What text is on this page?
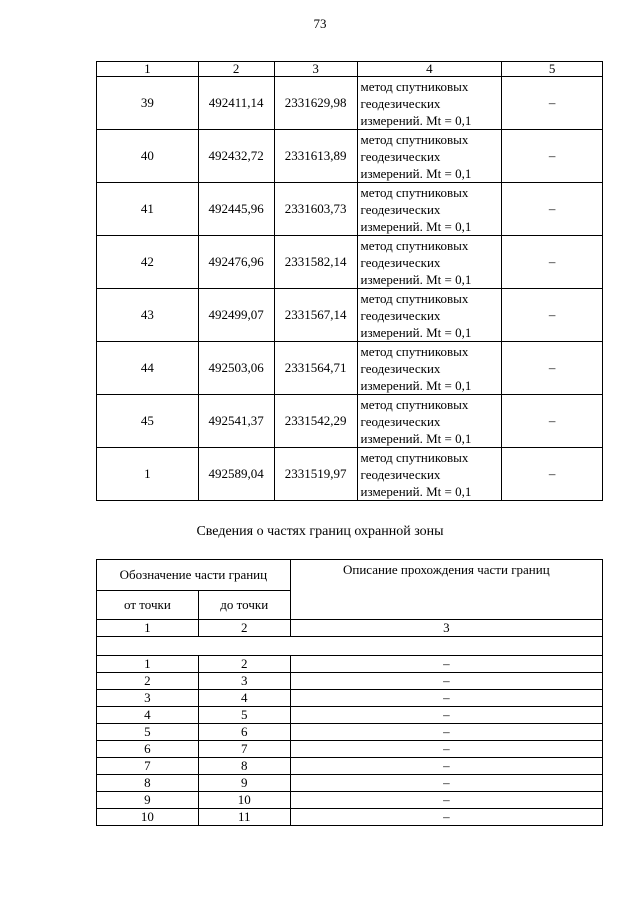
73
1	2	3	4	5
39	492411,14	2331629,98	метод спутниковых
геодезических
измерений. Mt = 0,1	–
40	492432,72	2331613,89	метод спутниковых
геодезических
измерений. Mt = 0,1	–
41	492445,96	2331603,73	метод спутниковых
геодезических
измерений. Mt = 0,1	–
42	492476,96	2331582,14	метод спутниковых
геодезических
измерений. Mt = 0,1	–
43	492499,07	2331567,14	метод спутниковых
геодезических
измерений. Mt = 0,1	–
44	492503,06	2331564,71	метод спутниковых
геодезических
измерений. Mt = 0,1	–
45	492541,37	2331542,29	метод спутниковых
геодезических
измерений. Mt = 0,1	–
1	492589,04	2331519,97	метод спутниковых
геодезических
измерений. Mt = 0,1	–
Сведения о частях границ охранной зоны
Обозначение части границ		Описание прохождения части границ
от точки	до точки	
1	2	3

1	2	–
2	3	–
3	4	–
4	5	–
5	6	–
6	7	–
7	8	–
8	9	–
9	10	–
10	11	–
